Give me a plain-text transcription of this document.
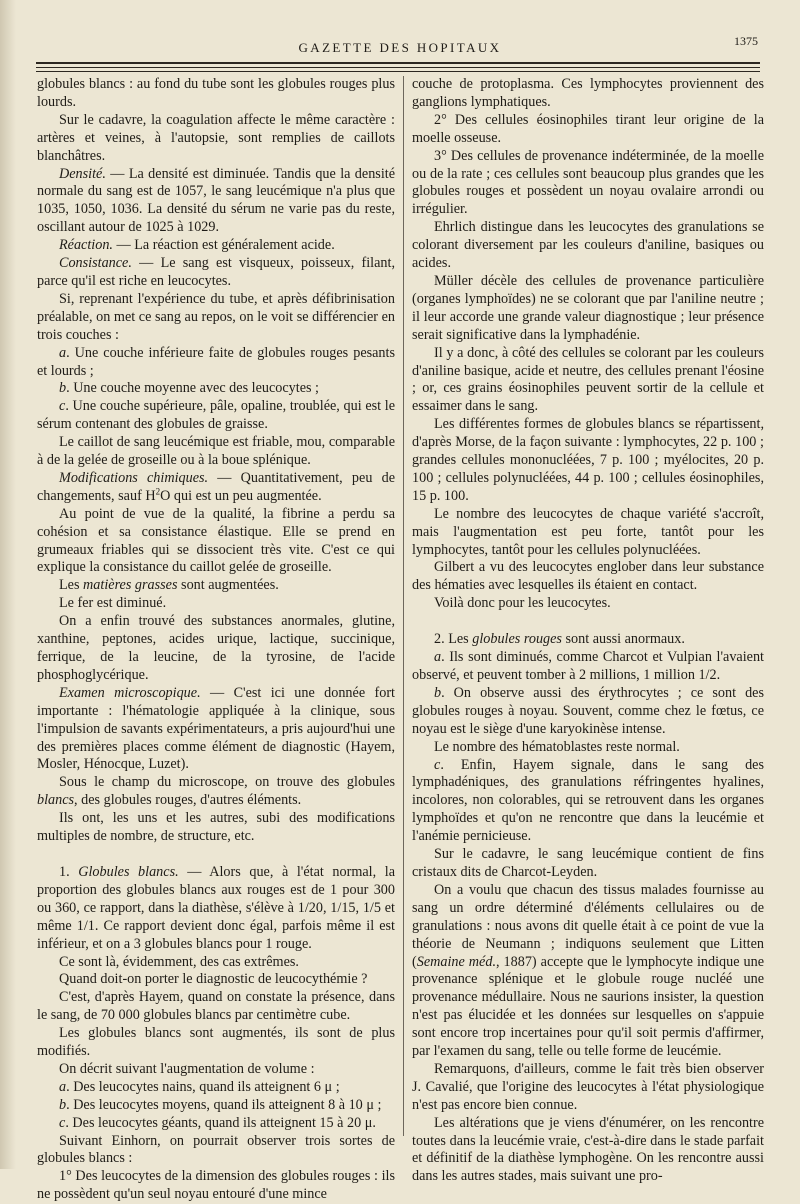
GAZETTE DES HOPITAUX	1375

globules blancs : au fond du tube sont les globules rouges plus lourds.

Sur le cadavre, la coagulation affecte le même caractère : artères et veines, à l'autopsie, sont remplies de caillots blanchâtres.

Densité. — La densité est diminuée. Tandis que la densité normale du sang est de 1057, le sang leucémique n'a plus que 1035, 1050, 1036. La densité du sérum ne varie pas du reste, oscillant autour de 1025 à 1029.

Réaction. — La réaction est généralement acide.

Consistance. — Le sang est visqueux, poisseux, filant, parce qu'il est riche en leucocytes.

Si, reprenant l'expérience du tube, et après défibrinisation préalable, on met ce sang au repos, on le voit se différencier en trois couches :

a. Une couche inférieure faite de globules rouges pesants et lourds ;

b. Une couche moyenne avec des leucocytes ;

c. Une couche supérieure, pâle, opaline, troublée, qui est le sérum contenant des globules de graisse.

Le caillot de sang leucémique est friable, mou, comparable à de la gelée de groseille ou à la boue splénique.

Modifications chimiques. — Quantitativement, peu de changements, sauf $H^2O$ qui est un peu augmentée.

Au point de vue de la qualité, la fibrine a perdu sa cohésion et sa consistance élastique. Elle se prend en grumeaux friables qui se dissocient très vite. C'est ce qui explique la consistance du caillot gelée de groseille.

Les matières grasses sont augmentées.

Le fer est diminué.

On a enfin trouvé des substances anormales, glutine, xanthine, peptones, acides urique, lactique, succinique, ferrique, de la leucine, de la tyrosine, de l'acide phosphoglycérique.

Examen microscopique. — C'est ici une donnée fort importante : l'hématologie appliquée à la clinique, sous l'impulsion de savants expérimentateurs, a pris aujourd'hui une des premières places comme élément de diagnostic (Hayem, Mosler, Hénocque, Luzet).

Sous le champ du microscope, on trouve des globules blancs, des globules rouges, d'autres éléments.

Ils ont, les uns et les autres, subi des modifications multiples de nombre, de structure, etc.

1. Globules blancs. — Alors que, à l'état normal, la proportion des globules blancs aux rouges est de 1 pour 300 ou 360, ce rapport, dans la diathèse, s'élève à 1/20, 1/15, 1/5 et même 1/1. Ce rapport devient donc égal, parfois même il est inférieur, et on a 3 globules blancs pour 1 rouge.

Ce sont là, évidemment, des cas extrêmes.

Quand doit-on porter le diagnostic de leucocythémie ?

C'est, d'après Hayem, quand on constate la présence, dans le sang, de 70 000 globules blancs par centimètre cube.

Les globules blancs sont augmentés, ils sont de plus modifiés.

On décrit suivant l'augmentation de volume :

a. Des leucocytes nains, quand ils atteignent 6 μ ;

b. Des leucocytes moyens, quand ils atteignent 8 à 10 μ ;

c. Des leucocytes géants, quand ils atteignent 15 à 20 μ.

Suivant Einhorn, on pourrait observer trois sortes de globules blancs :

1° Des leucocytes de la dimension des globules rouges : ils ne possèdent qu'un seul noyau entouré d'une mince

couche de protoplasma. Ces lymphocytes proviennent des ganglions lymphatiques.

2° Des cellules éosinophiles tirant leur origine de la moelle osseuse.

3° Des cellules de provenance indéterminée, de la moelle ou de la rate ; ces cellules sont beaucoup plus grandes que les globules rouges et possèdent un noyau ovalaire arrondi ou irrégulier.

Ehrlich distingue dans les leucocytes des granulations se colorant diversement par les couleurs d'aniline, basiques ou acides.

Müller décèle des cellules de provenance particulière (organes lymphoïdes) ne se colorant que par l'aniline neutre ; il leur accorde une grande valeur diagnostique ; leur présence serait significative dans la lymphadénie.

Il y a donc, à côté des cellules se colorant par les couleurs d'aniline basique, acide et neutre, des cellules prenant l'éosine ; or, ces grains éosinophiles peuvent sortir de la cellule et essaimer dans le sang.

Les différentes formes de globules blancs se répartissent, d'après Morse, de la façon suivante : lymphocytes, 22 p. 100 ; grandes cellules mononucléées, 7 p. 100 ; myélocites, 20 p. 100 ; cellules polynucléées, 44 p. 100 ; cellules éosinophiles, 15 p. 100.

Le nombre des leucocytes de chaque variété s'accroît, mais l'augmentation est peu forte, tantôt pour les lymphocytes, tantôt pour les cellules polynucléées.

Gilbert a vu des leucocytes englober dans leur substance des hématies avec lesquelles ils étaient en contact.

Voilà donc pour les leucocytes.

2. Les globules rouges sont aussi anormaux.

a. Ils sont diminués, comme Charcot et Vulpian l'avaient observé, et peuvent tomber à 2 millions, 1 million 1/2.

b. On observe aussi des érythrocytes ; ce sont des globules rouges à noyau. Souvent, comme chez le fœtus, ce noyau est le siège d'une karyokinèse intense.

Le nombre des hématoblastes reste normal.

c. Enfin, Hayem signale, dans le sang des lymphadéniques, des granulations réfringentes hyalines, incolores, non colorables, qui se retrouvent dans les organes lymphoïdes et qu'on ne rencontre que dans la leucémie et l'anémie pernicieuse.

Sur le cadavre, le sang leucémique contient de fins cristaux dits de Charcot-Leyden.

On a voulu que chacun des tissus malades fournisse au sang un ordre déterminé d'éléments cellulaires ou de granulations : nous avons dit quelle était à ce point de vue la théorie de Neumann ; indiquons seulement que Litten (Semaine méd., 1887) accepte que le lymphocyte indique une provenance splénique et le globule rouge nucléé une provenance médullaire. Nous ne saurions insister, la question n'est pas élucidée et les données sur lesquelles on s'appuie sont encore trop incertaines pour qu'il soit permis d'affirmer, par l'examen du sang, telle ou telle forme de leucémie.

Remarquons, d'ailleurs, comme le fait très bien observer J. Cavalié, que l'origine des leucocytes à l'état physiologique n'est pas encore bien connue.

Les altérations que je viens d'énumérer, on les rencontre toutes dans la leucémie vraie, c'est-à-dire dans le stade parfait et définitif de la diathèse lymphogène. On les rencontre aussi dans les autres stades, mais suivant une pro-
